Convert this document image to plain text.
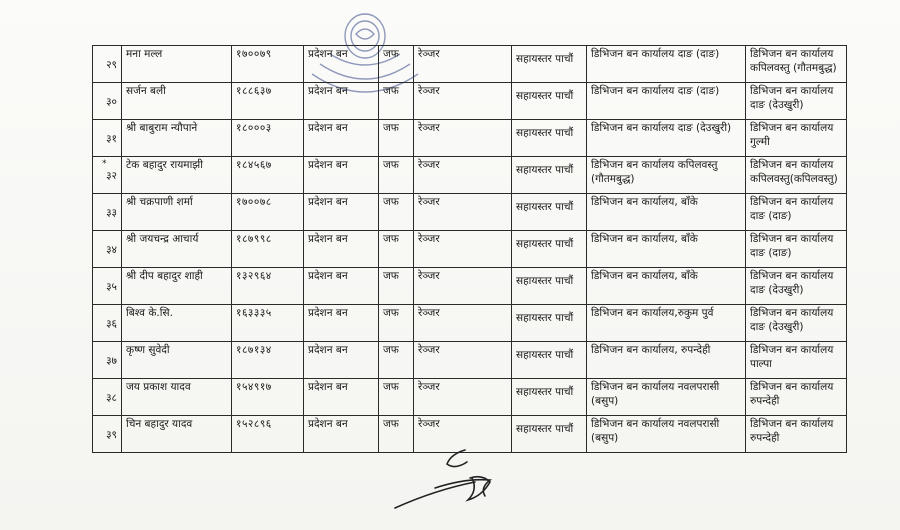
*
२९	मना मल्ल	१७००७९	प्रदेशन बन	जफ	रेञ्जर	सहायस्तर पाचौं	डिभिजन बन कार्यालय दाङ (दाङ)	डिभिजन बन कार्यालय कपिलवस्तु (गौतमबुद्ध)
३०	सर्जन बली	१८८६३७	प्रदेशन बन	जफ	रेञ्जर	सहायस्तर पाचौं	डिभिजन बन कार्यालय दाङ (दाङ)	डिभिजन बन कार्यालय दाङ (देउखुरी)
३१	श्री बाबुराम न्यौपाने	१८०००३	प्रदेशन बन	जफ	रेञ्जर	सहायस्तर पाचौं	डिभिजन बन कार्यालय दाङ (देउखुरी)	डिभिजन बन कार्यालय गुल्मी
३२	टेक बहादुर रायमाझी	१८४५६७	प्रदेशन बन	जफ	रेञ्जर	सहायस्तर पाचौं	डिभिजन बन कार्यालय कपिलवस्तु (गौतमबुद्ध)	डिभिजन बन कार्यालय कपिलवस्तु(कपिलवस्तु)
३३	श्री चक्रपाणी शर्मा	१७००७८	प्रदेशन बन	जफ	रेञ्जर	सहायस्तर पाचौं	डिभिजन बन कार्यालय, बाँके	डिभिजन बन कार्यालय दाङ (दाङ)
३४	श्री जयचन्द्र आचार्य	१८७९९८	प्रदेशन बन	जफ	रेञ्जर	सहायस्तर पाचौं	डिभिजन बन कार्यालय, बाँके	डिभिजन बन कार्यालय दाङ (दाङ)
३५	श्री दीप बहादुर शाही	१३२९६४	प्रदेशन बन	जफ	रेञ्जर	सहायस्तर पाचौं	डिभिजन बन कार्यालय, बाँके	डिभिजन बन कार्यालय दाङ (देउखुरी)
३६	बिश्व के.सि.	१६३३३५	प्रदेशन बन	जफ	रेञ्जर	सहायस्तर पाचौं	डिभिजन बन कार्यालय,रुकुम पुर्व	डिभिजन बन कार्यालय दाङ (देउखुरी)
३७	कृष्ण सुवेदी	१८७१३४	प्रदेशन बन	जफ	रेञ्जर	सहायस्तर पाचौं	डिभिजन बन कार्यालय, रुपन्देही	डिभिजन बन कार्यालय पाल्पा
३८	जय प्रकाश यादव	१५४९१७	प्रदेशन बन	जफ	रेञ्जर	सहायस्तर पाचौं	डिभिजन बन कार्यालय नवलपरासी (बसुप)	डिभिजन बन कार्यालय रुपन्देही
३९	चिन बहादुर यादव	१५२८९६	प्रदेशन बन	जफ	रेञ्जर	सहायस्तर पाचौं	डिभिजन बन कार्यालय नवलपरासी (बसुप)	डिभिजन बन कार्यालय रुपन्देही
